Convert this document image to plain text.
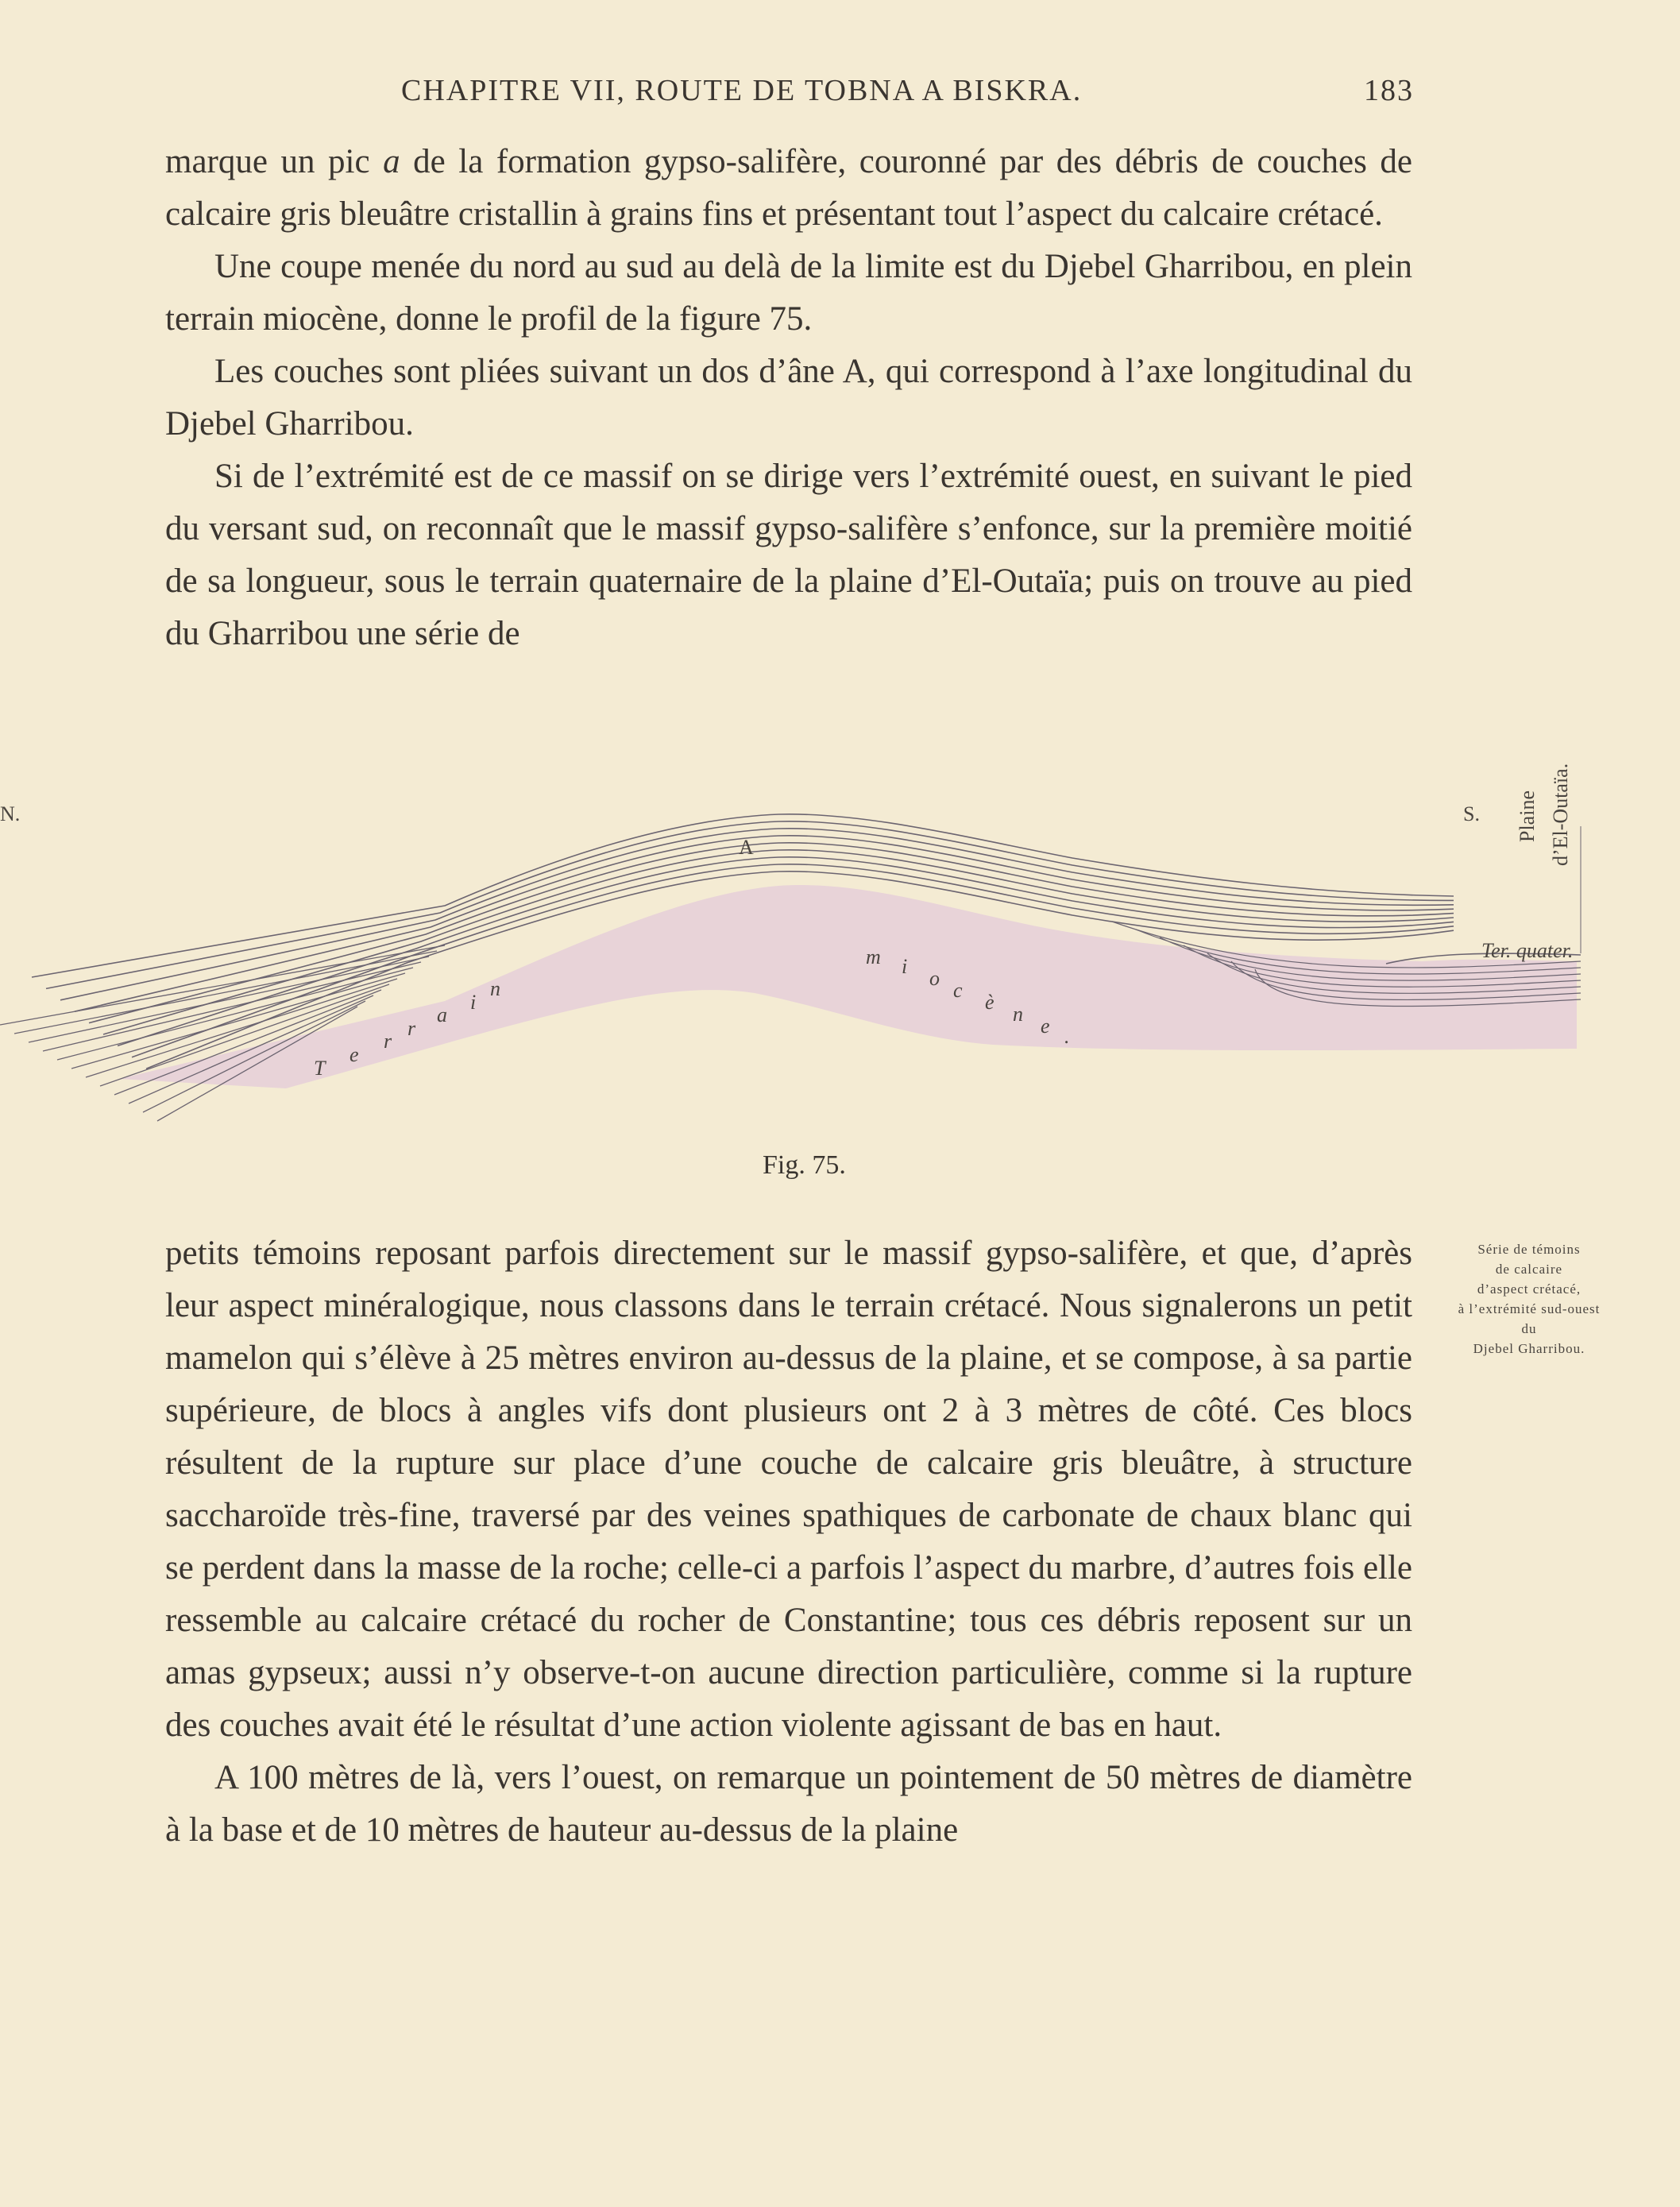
CHAPITRE VII, ROUTE DE TOBNA A BISKRA.	183

marque un pic a de la formation gypso-salifère, couronné par des débris de couches de calcaire gris bleuâtre cristallin à grains fins et présentant tout l’aspect du calcaire crétacé.

Une coupe menée du nord au sud au delà de la limite est du Djebel Gharribou, en plein terrain miocène, donne le profil de la figure 75.

Les couches sont pliées suivant un dos d’âne A, qui correspond à l’axe longitudinal du Djebel Gharribou.

Si de l’extrémité est de ce massif on se dirige vers l’extrémité ouest, en suivant le pied du versant sud, on reconnaît que le massif gypso-salifère s’enfonce, sur la première moitié de sa longueur, sous le terrain quaternaire de la plaine d’El-Outaïa; puis on trouve au pied du Gharribou une série de

N.
A
S. Plaine d’El-Outaïa.
Ter. quater.
T
e
r
r
a
i
n
m i
o
c
è
n
e .
Fig. 75.
Série de témoins
de calcaire
d’aspect crétacé,
à l’extrémité sud-ouest
du
Djebel Gharribou.

petits témoins reposant parfois directement sur le massif gypso-salifère, et que, d’après leur aspect minéralogique, nous classons dans le terrain crétacé. Nous signalerons un petit mamelon qui s’élève à 25 mètres environ au-dessus de la plaine, et se compose, à sa partie supérieure, de blocs à angles vifs dont plusieurs ont 2 à 3 mètres de côté. Ces blocs résultent de la rupture sur place d’une couche de calcaire gris bleuâtre, à structure saccharoïde très-fine, traversé par des veines spathiques de carbonate de chaux blanc qui se perdent dans la masse de la roche; celle-ci a parfois l’aspect du marbre, d’autres fois elle ressemble au calcaire crétacé du rocher de Constantine; tous ces débris reposent sur un amas gypseux; aussi n’y observe-t-on aucune direction particulière, comme si la rupture des couches avait été le résultat d’une action violente agissant de bas en haut.

A 100 mètres de là, vers l’ouest, on remarque un pointement de 50 mètres de diamètre à la base et de 10 mètres de hauteur au-dessus de la plaine
